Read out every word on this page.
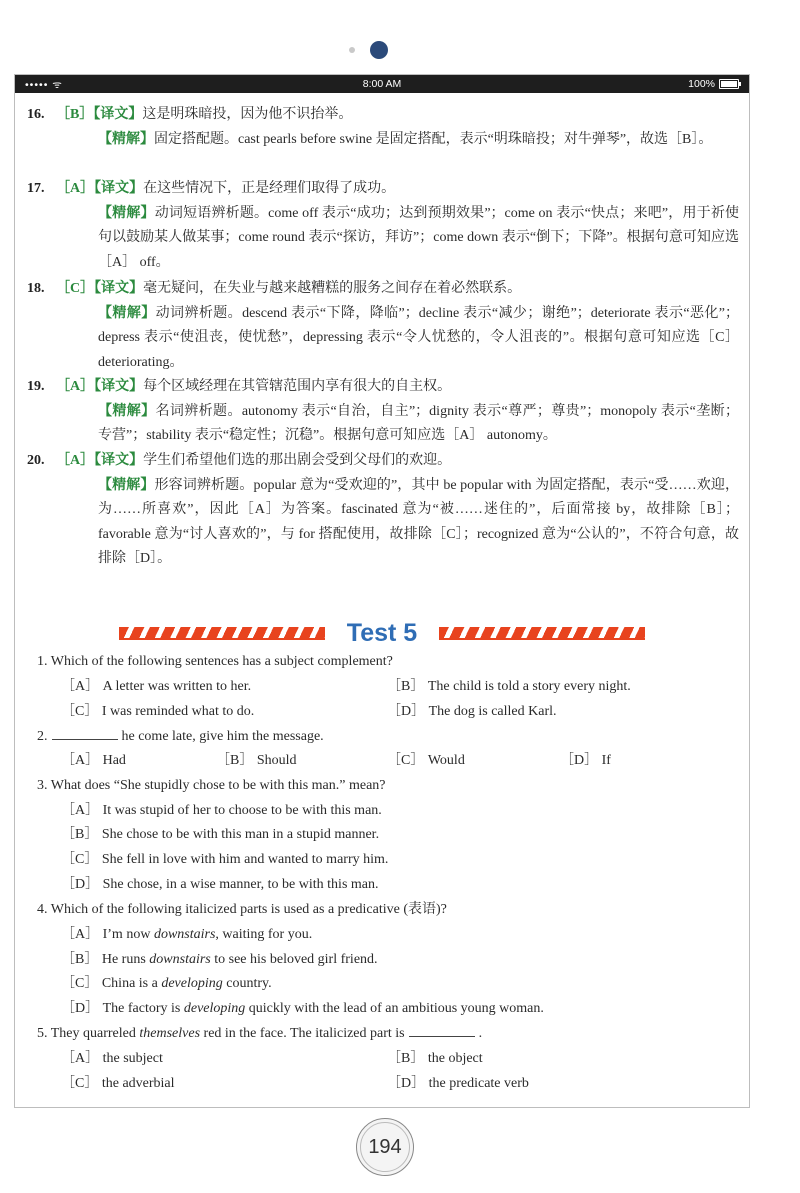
••••• ᯤ	8:00 AM	100%
16. ［B］【译文】这是明珠暗投，因为他不识抬举。
【精解】固定搭配题。cast pearls before swine 是固定搭配，表示“明珠暗投；对牛弹琴”，故选［B］。
17. ［A］【译文】在这些情况下，正是经理们取得了成功。
【精解】动词短语辨析题。come off 表示“成功；达到预期效果”；come on 表示“快点；来吧”，用于祈使句以鼓励某人做某事；come round 表示“探访，拜访”；come down 表示“倒下；下降”。根据句意可知应选［A］ off。
18. ［C］【译文】毫无疑问，在失业与越来越糟糕的服务之间存在着必然联系。
【精解】动词辨析题。descend 表示“下降，降临”；decline 表示“减少；谢绝”；deteriorate 表示“恶化”；depress 表示“使沮丧，使忧愁”，depressing 表示“令人忧愁的，令人沮丧的”。根据句意可知应选［C］ deteriorating。
19. ［A］【译文】每个区域经理在其管辖范围内享有很大的自主权。
【精解】名词辨析题。autonomy 表示“自治，自主”；dignity 表示“尊严；尊贵”；monopoly 表示“垄断；专营”；stability 表示“稳定性；沉稳”。根据句意可知应选［A］ autonomy。
20. ［A］【译文】学生们希望他们选的那出剧会受到父母们的欢迎。
【精解】形容词辨析题。popular 意为“受欢迎的”，其中 be popular with 为固定搭配，表示“受……欢迎，为……所喜欢”，因此［A］为答案。fascinated 意为“被……迷住的”，后面常接 by，故排除［B］；favorable 意为“讨人喜欢的”，与 for 搭配使用，故排除［C］；recognized 意为“公认的”，不符合句意，故排除［D］。
Test 5
1. Which of the following sentences has a subject complement?
［A］ A letter was written to her.	［B］ The child is told a story every night.
［C］ I was reminded what to do.	［D］ The dog is called Karl.
2.	he come late, give him the message.
［A］ Had	［B］ Should	［C］ Would	［D］ If
3. What does “She stupidly chose to be with this man.” mean?
［A］ It was stupid of her to choose to be with this man.
［B］ She chose to be with this man in a stupid manner.
［C］ She fell in love with him and wanted to marry him.
［D］ She chose, in a wise manner, to be with this man.
4. Which of the following italicized parts is used as a predicative (表语)?
［A］ I’m now downstairs, waiting for you.
［B］ He runs downstairs to see his beloved girl friend.
［C］ China is a developing country.
［D］ The factory is developing quickly with the lead of an ambitious young woman.
5. They quarreled themselves red in the face. The italicized part is	.
［A］ the subject	［B］ the object
［C］ the adverbial	［D］ the predicate verb
194
